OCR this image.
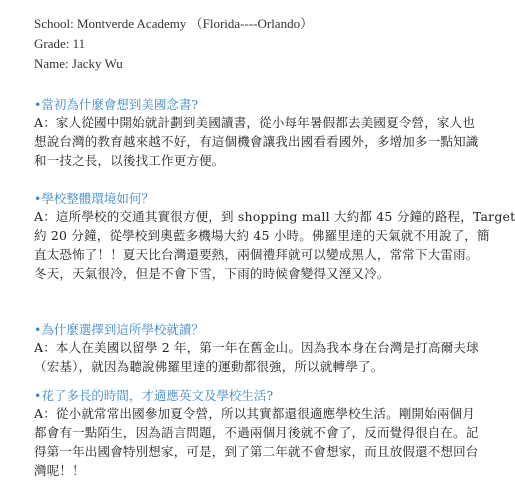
School: Montverde Academy （Florida----Orlando）

Grade: 11

Name: Jacky Wu

•當初為什麼會想到美國念書?

A：家人從國中開始就計劃到美國讀書，從小每年暑假都去美國夏令營，家人也
想說台灣的教育越來越不好，有這個機會讓我出國看看國外，多增加多一點知識
和一技之長，以後找工作更方便。

•學校整體環境如何？

A：這所學校的交通其實很方便，到 shopping mall 大約都 45 分鐘的路程，Target
約 20 分鐘，從學校到奧藍多機場大約 45 小時。佛羅里達的天氣就不用說了，簡
直太恐怖了！！夏天比台灣還要熱，兩個禮拜就可以變成黑人，常常下大雷雨。
冬天，天氣很冷，但是不會下雪，下雨的時候會變得又溼又冷。

•為什麼選擇到這所學校就讀？

A：本人在美國以留學 2 年，第一年在舊金山。因為我本身在台灣是打高爾夫球
（宏基），就因為聽說佛羅里達的運動都很強，所以就轉學了。

•花了多長的時間，才適應英文及學校生活?

A：從小就常常出國參加夏令營，所以其實都還很適應學校生活。剛開始兩個月
都會有一點陌生，因為語言問題，不過兩個月後就不會了，反而覺得很自在。記
得第一年出國會特別想家，可是，到了第二年就不會想家，而且放假還不想回台
灣呢！！
